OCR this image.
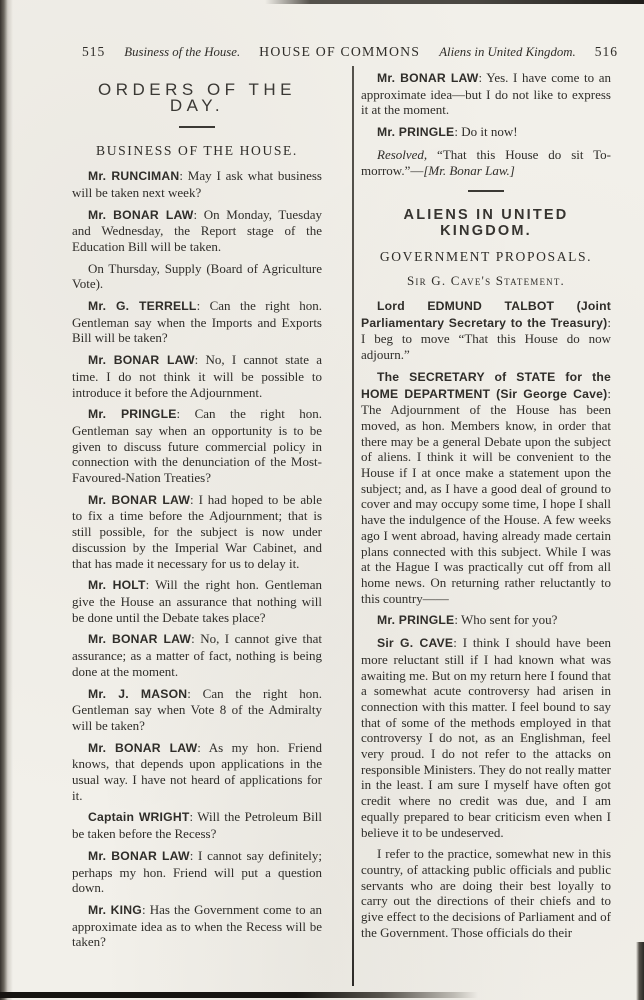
515 Business of the House. HOUSE OF COMMONS Aliens in United Kingdom. 516
ORDERS OF THE DAY.
BUSINESS OF THE HOUSE.

Mr. RUNCIMAN: May I ask what business will be taken next week?

Mr. BONAR LAW: On Monday, Tuesday and Wednesday, the Report stage of the Education Bill will be taken.

On Thursday, Supply (Board of Agriculture Vote).

Mr. G. TERRELL: Can the right hon. Gentleman say when the Imports and Exports Bill will be taken?

Mr. BONAR LAW: No, I cannot state a time. I do not think it will be possible to introduce it before the Adjournment.

Mr. PRINGLE: Can the right hon. Gentleman say when an opportunity is to be given to discuss future commercial policy in connection with the denunciation of the Most-Favoured-Nation Treaties?

Mr. BONAR LAW: I had hoped to be able to fix a time before the Adjournment; that is still possible, for the subject is now under discussion by the Imperial War Cabinet, and that has made it necessary for us to delay it.

Mr. HOLT: Will the right hon. Gentleman give the House an assurance that nothing will be done until the Debate takes place?

Mr. BONAR LAW: No, I cannot give that assurance; as a matter of fact, nothing is being done at the moment.

Mr. J. MASON: Can the right hon. Gentleman say when Vote 8 of the Admiralty will be taken?

Mr. BONAR LAW: As my hon. Friend knows, that depends upon applications in the usual way. I have not heard of applications for it.

Captain WRIGHT: Will the Petroleum Bill be taken before the Recess?

Mr. BONAR LAW: I cannot say definitely; perhaps my hon. Friend will put a question down.

Mr. KING: Has the Government come to an approximate idea as to when the Recess will be taken?

Mr. BONAR LAW: Yes. I have come to an approximate idea—but I do not like to express it at the moment.

Mr. PRINGLE: Do it now!

Resolved, “That this House do sit To-morrow.”—[Mr. Bonar Law.]

ALIENS IN UNITED KINGDOM.
GOVERNMENT PROPOSALS.
Sir G. Cave's Statement.

Lord EDMUND TALBOT (Joint Parliamentary Secretary to the Treasury): I beg to move “That this House do now adjourn.”

The SECRETARY of STATE for the HOME DEPARTMENT (Sir George Cave): The Adjournment of the House has been moved, as hon. Members know, in order that there may be a general Debate upon the subject of aliens. I think it will be convenient to the House if I at once make a statement upon the subject; and, as I have a good deal of ground to cover and may occupy some time, I hope I shall have the indulgence of the House. A few weeks ago I went abroad, having already made certain plans connected with this subject. While I was at the Hague I was practically cut off from all home news. On returning rather reluctantly to this country——

Mr. PRINGLE: Who sent for you?

Sir G. CAVE: I think I should have been more reluctant still if I had known what was awaiting me. But on my return here I found that a somewhat acute controversy had arisen in connection with this matter. I feel bound to say that of some of the methods employed in that controversy I do not, as an Englishman, feel very proud. I do not refer to the attacks on responsible Ministers. They do not really matter in the least. I am sure I myself have often got credit where no credit was due, and I am equally prepared to bear criticism even when I believe it to be undeserved.

I refer to the practice, somewhat new in this country, of attacking public officials and public servants who are doing their best loyally to carry out the directions of their chiefs and to give effect to the decisions of Parliament and of the Government. Those officials do their
